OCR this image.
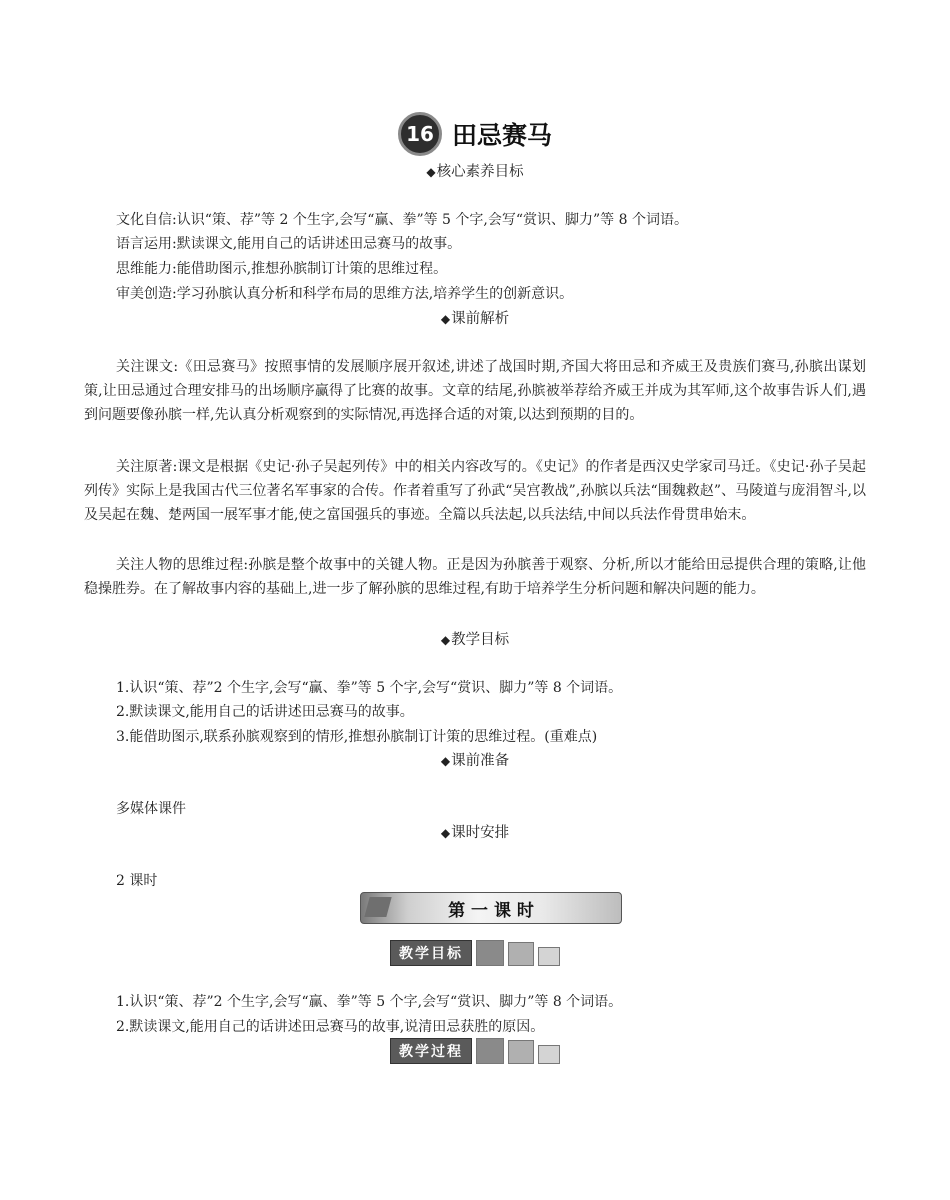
16 田忌赛马
◆核心素养目标
文化自信:认识“策、荐”等 2 个生字,会写“赢、拳”等 5 个字,会写“赏识、脚力”等 8 个词语。
语言运用:默读课文,能用自己的话讲述田忌赛马的故事。
思维能力:能借助图示,推想孙膑制订计策的思维过程。
审美创造:学习孙膑认真分析和科学布局的思维方法,培养学生的创新意识。
◆课前解析

关注课文:《田忌赛马》按照事情的发展顺序展开叙述,讲述了战国时期,齐国大将田忌和齐威王及贵族们赛马,孙膑出谋划策,让田忌通过合理安排马的出场顺序赢得了比赛的故事。文章的结尾,孙膑被举荐给齐威王并成为其军师,这个故事告诉人们,遇到问题要像孙膑一样,先认真分析观察到的实际情况,再选择合适的对策,以达到预期的目的。

关注原著:课文是根据《史记·孙子吴起列传》中的相关内容改写的。《史记》的作者是西汉史学家司马迁。《史记·孙子吴起列传》实际上是我国古代三位著名军事家的合传。作者着重写了孙武“吴宫教战”,孙膑以兵法“围魏救赵”、马陵道与庞涓智斗,以及吴起在魏、楚两国一展军事才能,使之富国强兵的事迹。全篇以兵法起,以兵法结,中间以兵法作骨贯串始末。

关注人物的思维过程:孙膑是整个故事中的关键人物。正是因为孙膑善于观察、分析,所以才能给田忌提供合理的策略,让他稳操胜券。在了解故事内容的基础上,进一步了解孙膑的思维过程,有助于培养学生分析问题和解决问题的能力。

◆教学目标
1.认识“策、荐”2 个生字,会写“赢、拳”等 5 个字,会写“赏识、脚力”等 8 个词语。
2.默读课文,能用自己的话讲述田忌赛马的故事。
3.能借助图示,联系孙膑观察到的情形,推想孙膑制订计策的思维过程。(重难点)
◆课前准备
多媒体课件
◆课时安排
2 课时
第 一 课 时
教学目标
1.认识“策、荐”2 个生字,会写“赢、拳”等 5 个字,会写“赏识、脚力”等 8 个词语。
2.默读课文,能用自己的话讲述田忌赛马的故事,说清田忌获胜的原因。
教学过程
